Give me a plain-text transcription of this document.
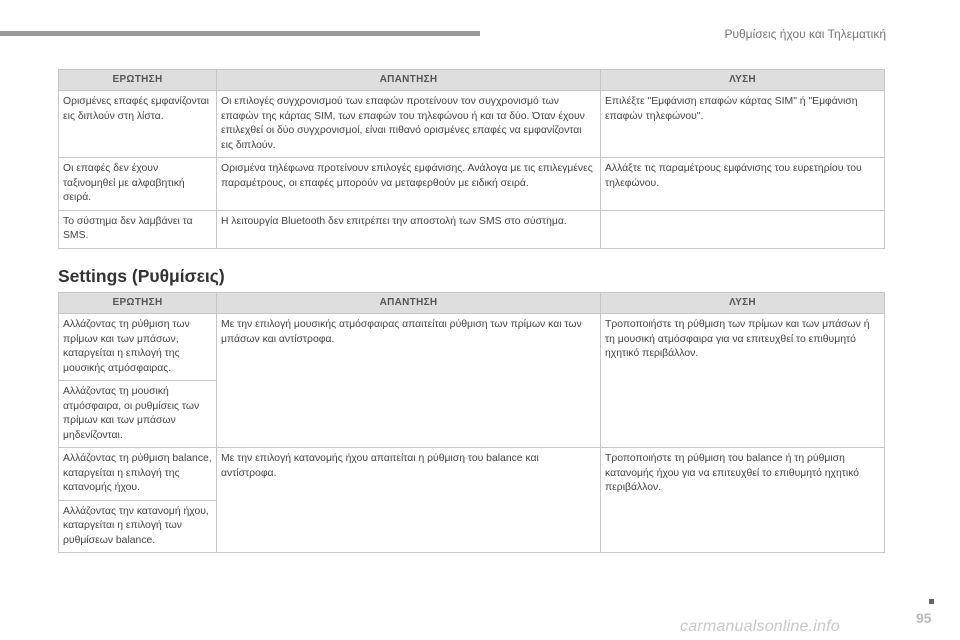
Ρυθμίσεις ήχου και Τηλεματική
ΕΡΩΤΗΣΗ	ΑΠΑΝΤΗΣΗ	ΛΥΣΗ
Ορισμένες επαφές εμφανίζονται εις διπλούν στη λίστα.	Οι επιλογές συγχρονισμού των επαφών προτείνουν τον συγχρονισμό των επαφών της κάρτας SIM, των επαφών του τηλεφώνου ή και τα δύο. Όταν έχουν επιλεχθεί οι δύο συγχρονισμοί, είναι πιθανό ορισμένες επαφές να εμφανίζονται εις διπλούν.	Επιλέξτε "Εμφάνιση επαφών κάρτας SIM" ή "Εμφάνιση επαφών τηλεφώνου".
Οι επαφές δεν έχουν ταξινομηθεί με αλφαβητική σειρά.	Ορισμένα τηλέφωνα προτείνουν επιλογές εμφάνισης. Ανάλογα με τις επιλεγμένες παραμέτρους, οι επαφές μπορούν να μεταφερθούν με ειδική σειρά.	Αλλάξτε τις παραμέτρους εμφάνισης του ευρετηρίου του τηλεφώνου.
Το σύστημα δεν λαμβάνει τα SMS.	Η λειτουργία Bluetooth δεν επιτρέπει την αποστολή των SMS στο σύστημα.	
Settings (Ρυθμίσεις)
ΕΡΩΤΗΣΗ	ΑΠΑΝΤΗΣΗ	ΛΥΣΗ
Αλλάζοντας τη ρύθμιση των πρίμων και των μπάσων, καταργείται η επιλογή της μουσικής ατμόσφαιρας.	Με την επιλογή μουσικής ατμόσφαιρας απαιτείται ρύθμιση των πρίμων και των μπάσων και αντίστροφα.	Τροποποιήστε τη ρύθμιση των πρίμων και των μπάσων ή τη μουσική ατμόσφαιρα για να επιτευχθεί το επιθυμητό ηχητικό περιβάλλον.
Αλλάζοντας τη μουσική ατμόσφαιρα, οι ρυθμίσεις των πρίμων και των μπάσων μηδενίζονται.		
Αλλάζοντας τη ρύθμιση balance, καταργείται η επιλογή της κατανομής ήχου.	Με την επιλογή κατανομής ήχου απαιτείται η ρύθμιση του balance και αντίστροφα.	Τροποποιήστε τη ρύθμιση του balance ή τη ρύθμιση κατανομής ήχου για να επιτευχθεί το επιθυμητό ηχητικό περιβάλλον.
Αλλάζοντας την κατανομή ήχου, καταργείται η επιλογή των ρυθμίσεων balance.		
95
carmanualsonline.info
